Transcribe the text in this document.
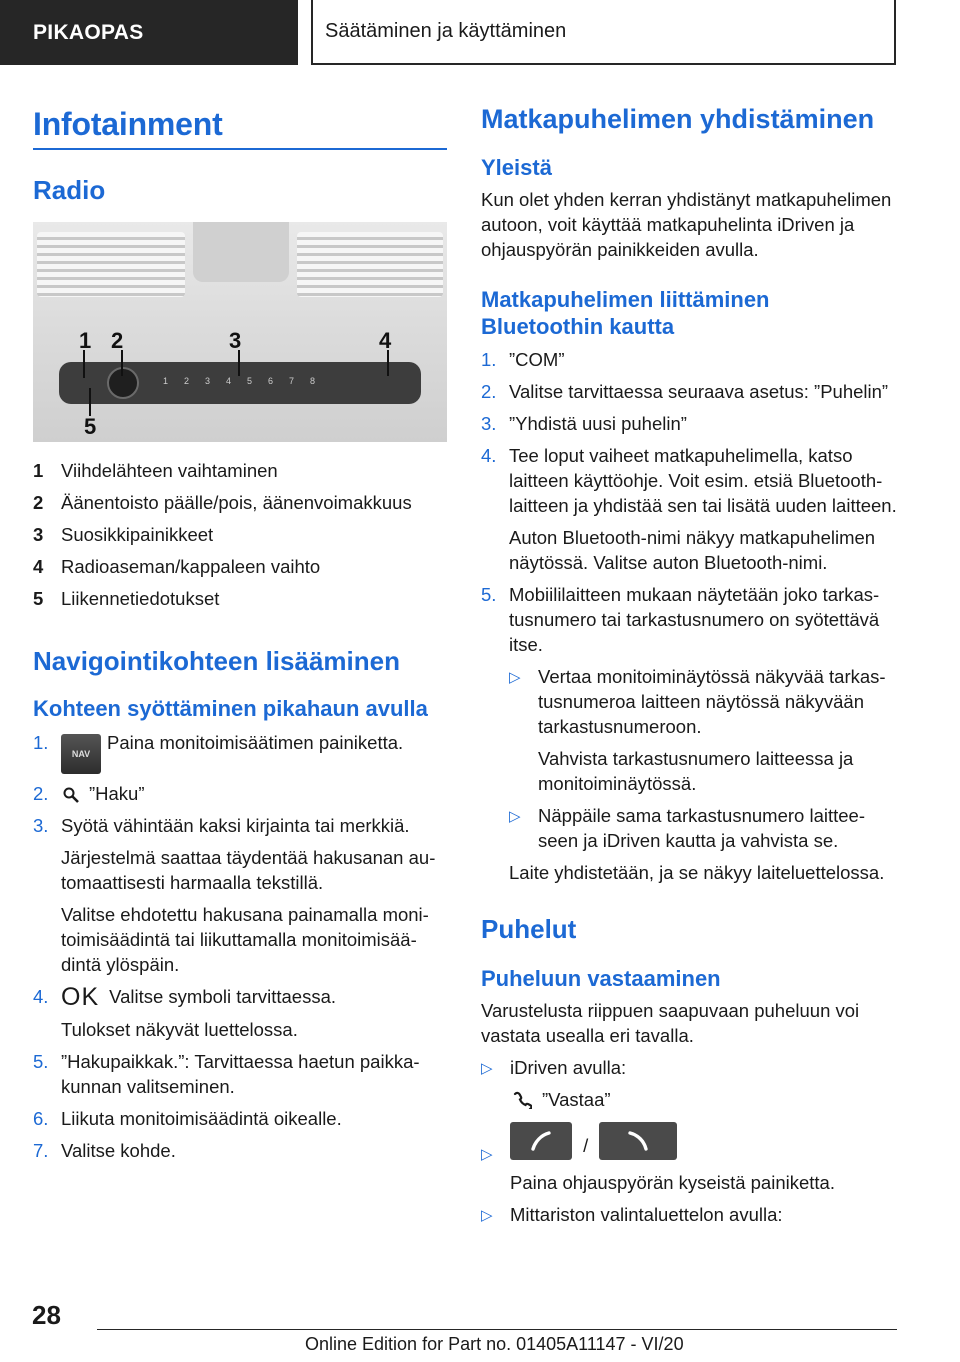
PIKAOPAS	Säätäminen ja käyttäminen
Infotainment
Radio
12345678
1 2	3	4
5
1 Viihdelähteen vaihtaminen
2 Äänentoisto päälle/pois, äänenvoimakkuus
3 Suosikkipainikkeet
4 Radioaseman/kappaleen vaihto
5 Liikennetiedotukset
Navigointikohteen lisääminen
Kohteen syöttäminen pikahaun avulla
1.
NAVPaina monitoimisäätimen painiketta.
2.	”Haku”
3. Syötä vähintään kaksi kirjainta tai merkkiä.
Järjestelmä saattaa täydentää hakusanan automaattisesti harmaalla tekstillä.
Valitse ehdotettu hakusana painamalla monitoimisäädintä tai liikuttamalla monitoimisäädintä ylöspäin.
4. OK Valitse symboli tarvittaessa.
Tulokset näkyvät luettelossa.
5. ”Hakupaikkak.”: Tarvittaessa haetun paikkakunnan valitseminen.
6. Liikuta monitoimisäädintä oikealle.
7. Valitse kohde.
Matkapuhelimen yhdistäminen
Yleistä

Kun olet yhden kerran yhdistänyt matkapuhelimen autoon, voit käyttää matkapuhelinta iDriven ja ohjauspyörän painikkeiden avulla.

Matkapuhelimen liittäminen Bluetoothin kautta
1. ”COM”
2. Valitse tarvittaessa seuraava asetus: ”Puhelin”
3. ”Yhdistä uusi puhelin”
4. Tee loput vaiheet matkapuhelimella, katso laitteen käyttöohje. Voit esim. etsiä Bluetooth-laitteen ja yhdistää sen tai lisätä uuden laitteen.
Auton Bluetooth-nimi näkyy matkapuhelimen näytössä. Valitse auton Bluetooth-nimi.
5. Mobiililaitteen mukaan näytetään joko tarkastusnumero tai tarkastusnumero on syötettävä itse.
▷ Vertaa monitoiminäytössä näkyvää tarkastusnumeroa laitteen näytössä näkyvään tarkastusnumeroon.
Vahvista tarkastusnumero laitteessa ja monitoiminäytössä.
▷ Näppäile sama tarkastusnumero laitteeseen ja iDriven kautta ja vahvista se.
Laite yhdistetään, ja se näkyy laiteluettelossa.
Puhelut
Puheluun vastaaminen

Varustelusta riippuen saapuvaan puheluun voi vastata usealla eri tavalla.

▷ iDriven avulla:
”Vastaa”
▷	/
Paina ohjauspyörän kyseistä painiketta.
▷ Mittariston valintaluettelon avulla:
28
Online Edition for Part no. 01405A11147 - VI/20
